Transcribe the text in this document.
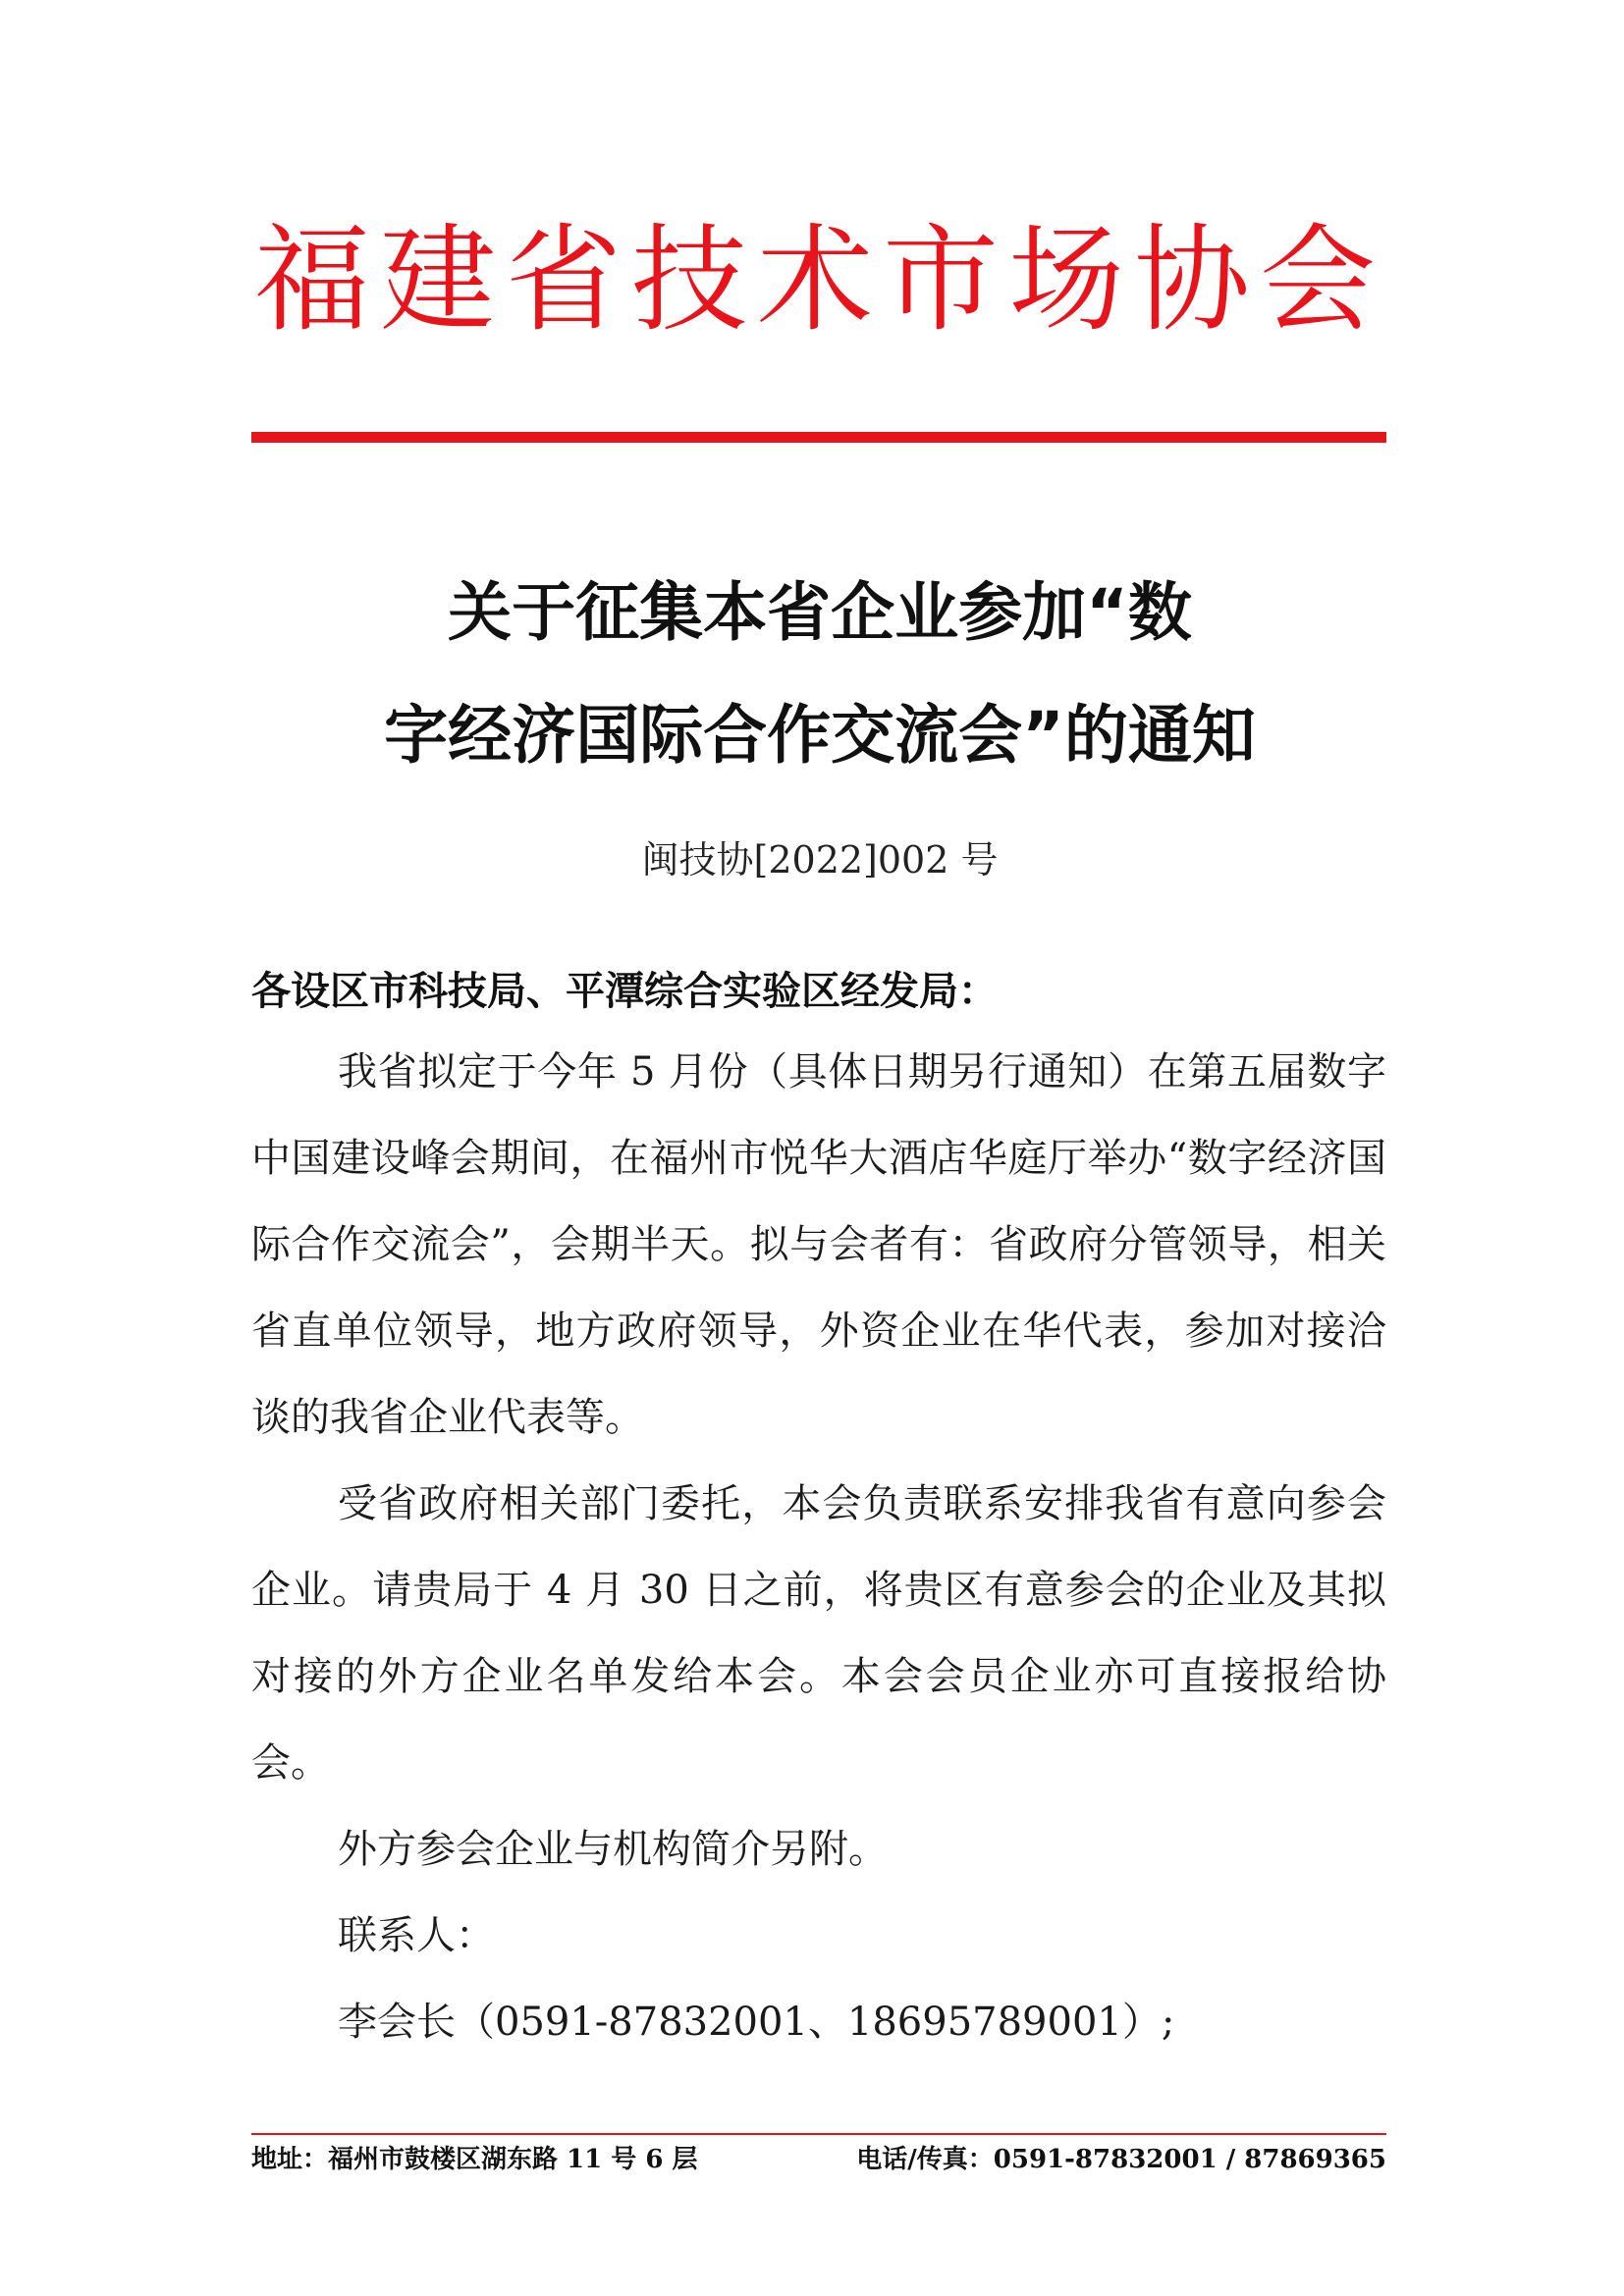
福建省技术市场协会
关于征集本省企业参加“数
字经济国际合作交流会”的通知
闽技协[2022]002 号
各设区市科技局、平潭综合实验区经发局：
我省拟定于今年 5 月份（具体日期另行通知）在第五届数字中国建设峰会期间，在福州市悦华大酒店华庭厅举办“数字经济国际合作交流会”，会期半天。拟与会者有：省政府分管领导，相关省直单位领导，地方政府领导，外资企业在华代表，参加对接洽谈的我省企业代表等。
受省政府相关部门委托，本会负责联系安排我省有意向参会企业。请贵局于 4 月 30 日之前，将贵区有意参会的企业及其拟对接的外方企业名单发给本会。本会会员企业亦可直接报给协会。
外方参会企业与机构简介另附。
联系人：
李会长（0591-87832001、18695789001）;
地址：福州市鼓楼区湖东路 11 号 6 层	电话/传真：0591-87832001 / 87869365
